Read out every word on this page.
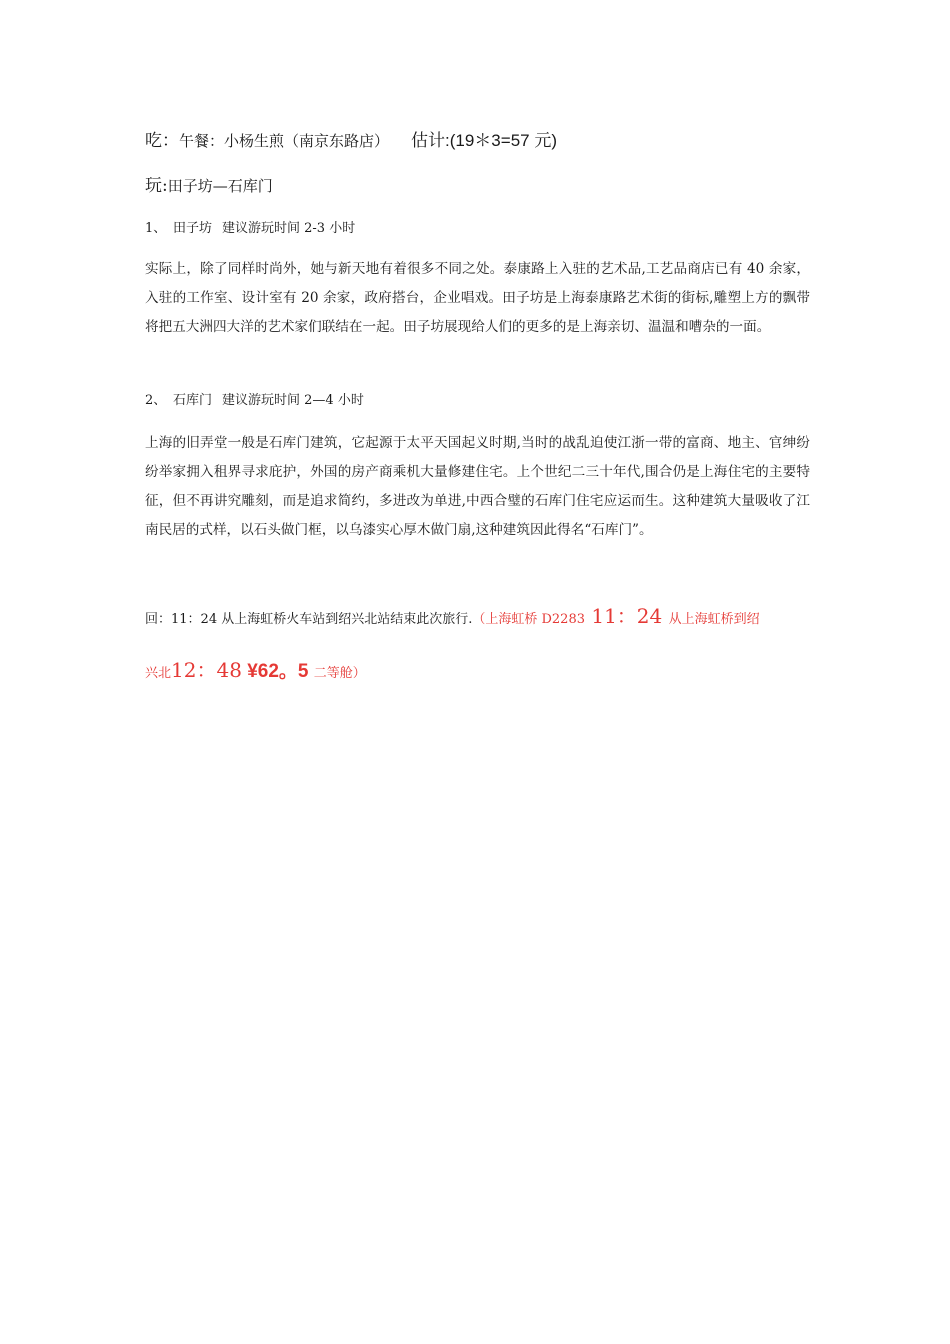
吃：午餐：小杨生煎（南京东路店） 估计:(19＊3=57 元)
玩:田子坊—石库门
1、 田子坊 建议游玩时间 2-3 小时
实际上，除了同样时尚外，她与新天地有着很多不同之处。泰康路上入驻的艺术品,工艺品商店已有 40 余家，入驻的工作室、设计室有 20 余家，政府搭台，企业唱戏。田子坊是上海泰康路艺术街的街标,雕塑上方的飘带将把五大洲四大洋的艺术家们联结在一起。田子坊展现给人们的更多的是上海亲切、温温和嘈杂的一面。
2、 石库门 建议游玩时间 2—4 小时
上海的旧弄堂一般是石库门建筑，它起源于太平天国起义时期,当时的战乱迫使江浙一带的富商、地主、官绅纷纷举家拥入租界寻求庇护，外国的房产商乘机大量修建住宅。上个世纪二三十年代,围合仍是上海住宅的主要特征，但不再讲究雕刻，而是追求简约，多进改为单进,中西合璧的石库门住宅应运而生。这种建筑大量吸收了江南民居的式样，以石头做门框，以乌漆实心厚木做门扇,这种建筑因此得名“石库门”。
回：11：24 从上海虹桥火车站到绍兴北站结束此次旅行.（上海虹桥 D2283 11：24 从上海虹桥到绍
兴北12：48 ¥62。5 二等舱）
